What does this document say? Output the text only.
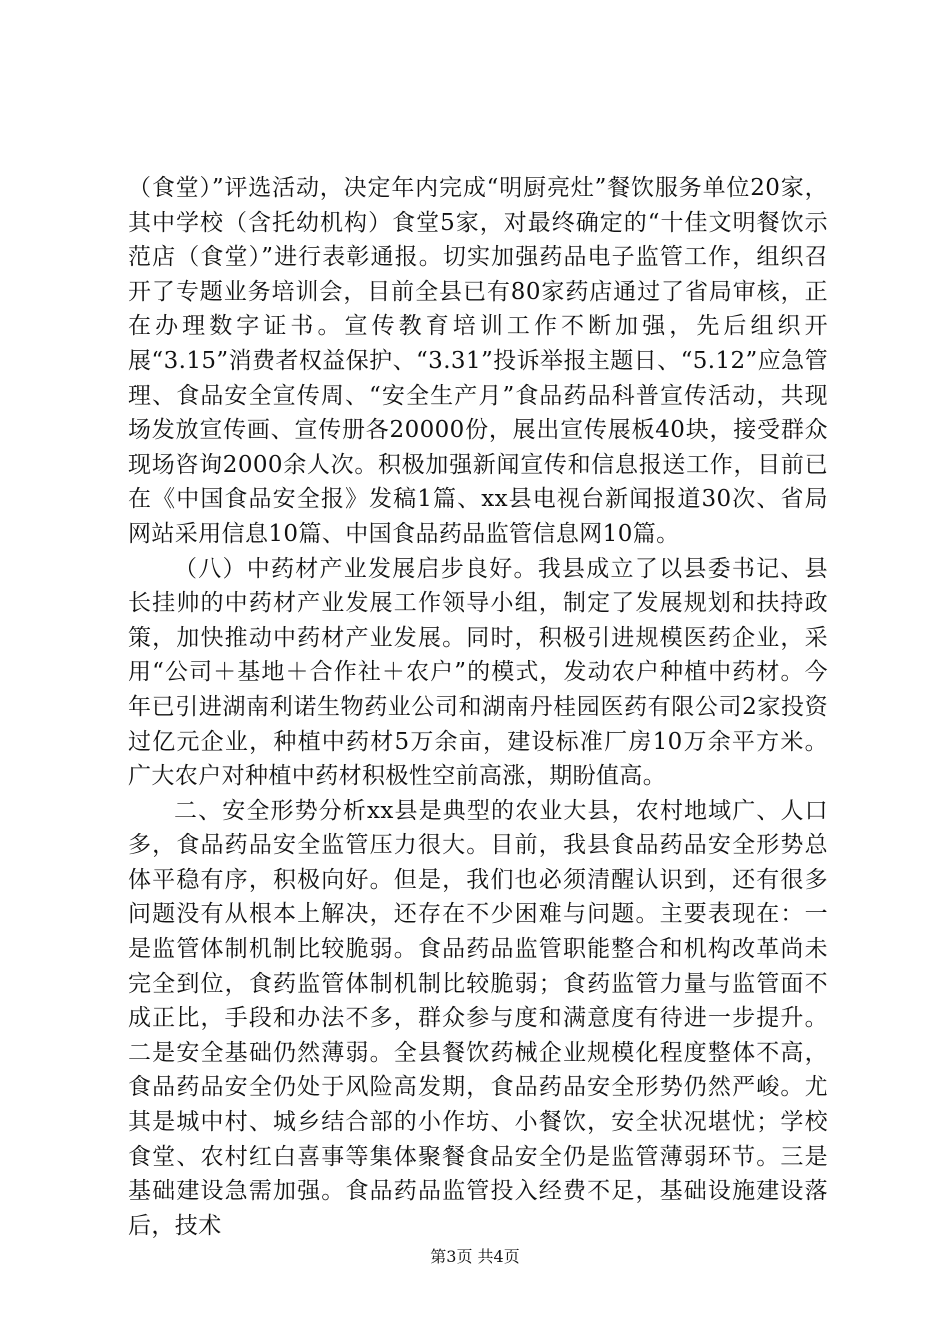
（食堂）”评选活动，决定年内完成“明厨亮灶”餐饮服务单位20家，其中学校（含托幼机构）食堂5家，对最终确定的“十佳文明餐饮示范店（食堂）”进行表彰通报。切实加强药品电子监管工作，组织召开了专题业务培训会，目前全县已有80家药店通过了省局审核，正在办理数字证书。宣传教育培训工作不断加强，先后组织开展“3.15”消费者权益保护、“3.31”投诉举报主题日、“5.12”应急管理、食品安全宣传周、“安全生产月”食品药品科普宣传活动，共现场发放宣传画、宣传册各20000份，展出宣传展板40块，接受群众现场咨询2000余人次。积极加强新闻宣传和信息报送工作，目前已在《中国食品安全报》发稿1篇、xx县电视台新闻报道30次、省局网站采用信息10篇、中国食品药品监管信息网10篇。

（八）中药材产业发展启步良好。我县成立了以县委书记、县长挂帅的中药材产业发展工作领导小组，制定了发展规划和扶持政策，加快推动中药材产业发展。同时，积极引进规模医药企业，采用“公司＋基地＋合作社＋农户”的模式，发动农户种植中药材。今年已引进湖南利诺生物药业公司和湖南丹桂园医药有限公司2家投资过亿元企业，种植中药材5万余亩，建设标准厂房10万余平方米。广大农户对种植中药材积极性空前高涨，期盼值高。

二、安全形势分析xx县是典型的农业大县，农村地域广、人口多，食品药品安全监管压力很大。目前，我县食品药品安全形势总体平稳有序，积极向好。但是，我们也必须清醒认识到，还有很多问题没有从根本上解决，还存在不少困难与问题。主要表现在：一是监管体制机制比较脆弱。食品药品监管职能整合和机构改革尚未完全到位，食药监管体制机制比较脆弱；食药监管力量与监管面不成正比，手段和办法不多，群众参与度和满意度有待进一步提升。二是安全基础仍然薄弱。全县餐饮药械企业规模化程度整体不高，食品药品安全仍处于风险高发期，食品药品安全形势仍然严峻。尤其是城中村、城乡结合部的小作坊、小餐饮，安全状况堪忧；学校食堂、农村红白喜事等集体聚餐食品安全仍是监管薄弱环节。三是基础建设急需加强。食品药品监管投入经费不足，基础设施建设落后，技术

第3页 共4页
